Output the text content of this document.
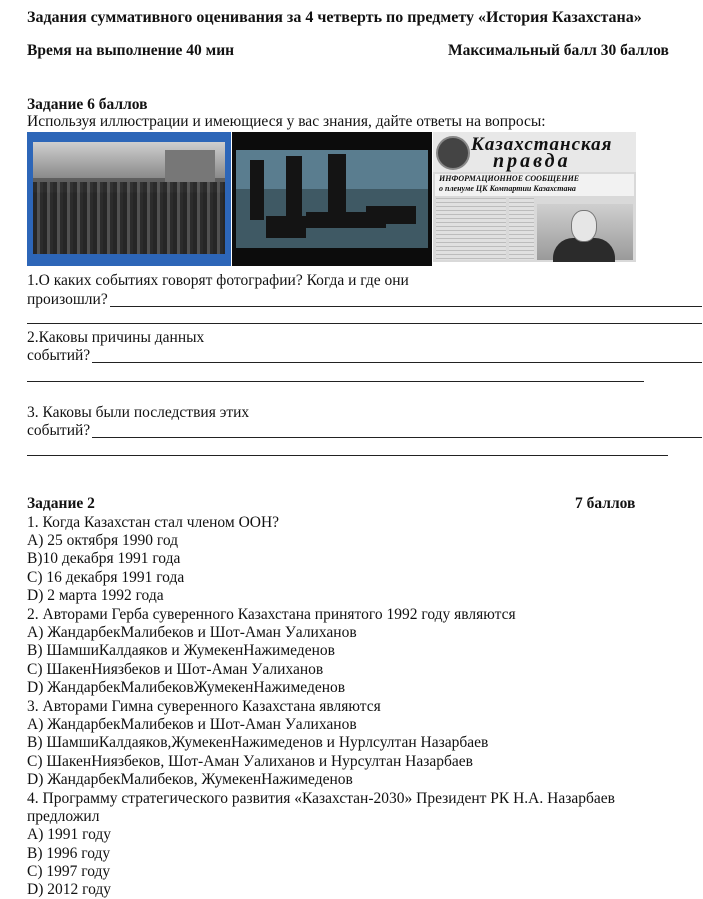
Задания суммативного оценивания за 4 четверть по предмету «История Казахстана»
Время на выполнение 40 мин	Максимальный балл 30 баллов
Задание 6 баллов
Используя иллюстрации и имеющиеся у вас знания, дайте ответы на вопросы:
Казахстанская
правда
ИНФОРМАЦИОННОЕ СООБЩЕНИЕ
о пленуме ЦК Компартии Казахстана
1.О каких событиях говорят фотографии? Когда и где они
произошли?
2.Каковы причины данных
событий?
3. Каковы были последствия этих
событий?
Задание 2	7 баллов
1. Когда Казахстан стал членом ООН?
А) 25 октября 1990 год
В)10 декабря 1991 года
С) 16 декабря 1991 года
D) 2 марта 1992 года
2. Авторами Герба суверенного Казахстана принятого 1992 году являются
А) ЖандарбекМалибеков и Шот-Аман Уалиханов
В) ШамшиКалдаяков и ЖумекенНажимеденов
С) ШакенНиязбеков и Шот-Аман Уалиханов
D) ЖандарбекМалибековЖумекенНажимеденов
3. Авторами Гимна суверенного Казахстана являются
А) ЖандарбекМалибеков и Шот-Аман Уалиханов
В) ШамшиКалдаяков,ЖумекенНажимеденов и Нурлсултан Назарбаев
С) ШакенНиязбеков, Шот-Аман Уалиханов и Нурсултан Назарбаев
D) ЖандарбекМалибеков, ЖумекенНажимеденов
4. Программу стратегического развития «Казахстан-2030» Президент РК Н.А. Назарбаев
предложил
А) 1991 году
В) 1996 году
С) 1997 году
D) 2012 году
